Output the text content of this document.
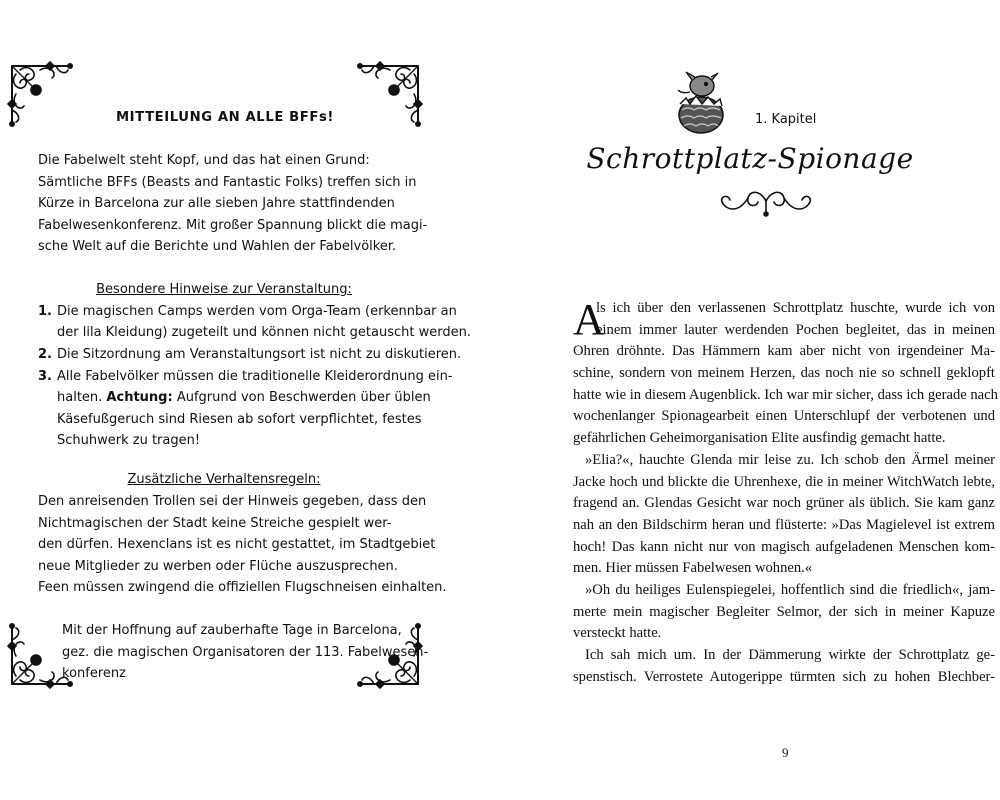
MITTEILUNG AN ALLE BFFs!
Die Fabelwelt steht Kopf, und das hat einen Grund:
Sämtliche BFFs (Beasts and Fantastic Folks) treffen sich in
Kürze in Barcelona zur alle sieben Jahre stattfindenden
Fabelwesenkonferenz. Mit großer Spannung blickt die magi-
sche Welt auf die Berichte und Wahlen der Fabelvölker.
Besondere Hinweise zur Veranstaltung:
1. Die magischen Camps werden vom Orga-Team (erkennbar an
der lila Kleidung) zugeteilt und können nicht getauscht werden.
2. Die Sitzordnung am Veranstaltungsort ist nicht zu diskutieren.
3. Alle Fabelvölker müssen die traditionelle Kleiderordnung ein-
halten. Achtung: Aufgrund von Beschwerden über üblen
Käsefußgeruch sind Riesen ab sofort verpflichtet, festes
Schuhwerk zu tragen!
Zusätzliche Verhaltensregeln:
Den anreisenden Trollen sei der Hinweis gegeben, dass den
Nichtmagischen der Stadt keine Streiche gespielt wer-
den dürfen. Hexenclans ist es nicht gestattet, im Stadtgebiet
neue Mitglieder zu werben oder Flüche auszusprechen.
Feen müssen zwingend die offiziellen Flugschneisen einhalten.
Mit der Hoffnung auf zauberhafte Tage in Barcelona,
gez. die magischen Organisatoren der 113. Fabelwesen-
konferenz
1. Kapitel
Schrottplatz-Spionage
A
ls ich über den verlassenen Schrottplatz huschte, wurde ich von
einem immer lauter werdenden Pochen begleitet, das in meinen
Ohren dröhnte. Das Hämmern kam aber nicht von irgendeiner Ma-
schine, sondern von meinem Herzen, das noch nie so schnell geklopft
hatte wie in diesem Augenblick. Ich war mir sicher, dass ich gerade nach
wochenlanger Spionagearbeit einen Unterschlupf der verbotenen und
gefährlichen Geheimorganisation Elite ausfindig gemacht hatte.
»Elia?«, hauchte Glenda mir leise zu. Ich schob den Ärmel meiner
Jacke hoch und blickte die Uhrenhexe, die in meiner WitchWatch lebte,
fragend an. Glendas Gesicht war noch grüner als üblich. Sie kam ganz
nah an den Bildschirm heran und flüsterte: »Das Magielevel ist extrem
hoch! Das kann nicht nur von magisch aufgeladenen Menschen kom-
men. Hier müssen Fabelwesen wohnen.«
»Oh du heiliges Eulenspiegelei, hoffentlich sind die friedlich«, jam-
merte mein magischer Begleiter Selmor, der sich in meiner Kapuze
versteckt hatte.
Ich sah mich um. In der Dämmerung wirkte der Schrottplatz ge-
spenstisch. Verrostete Autogerippe türmten sich zu hohen Blechber-
9
